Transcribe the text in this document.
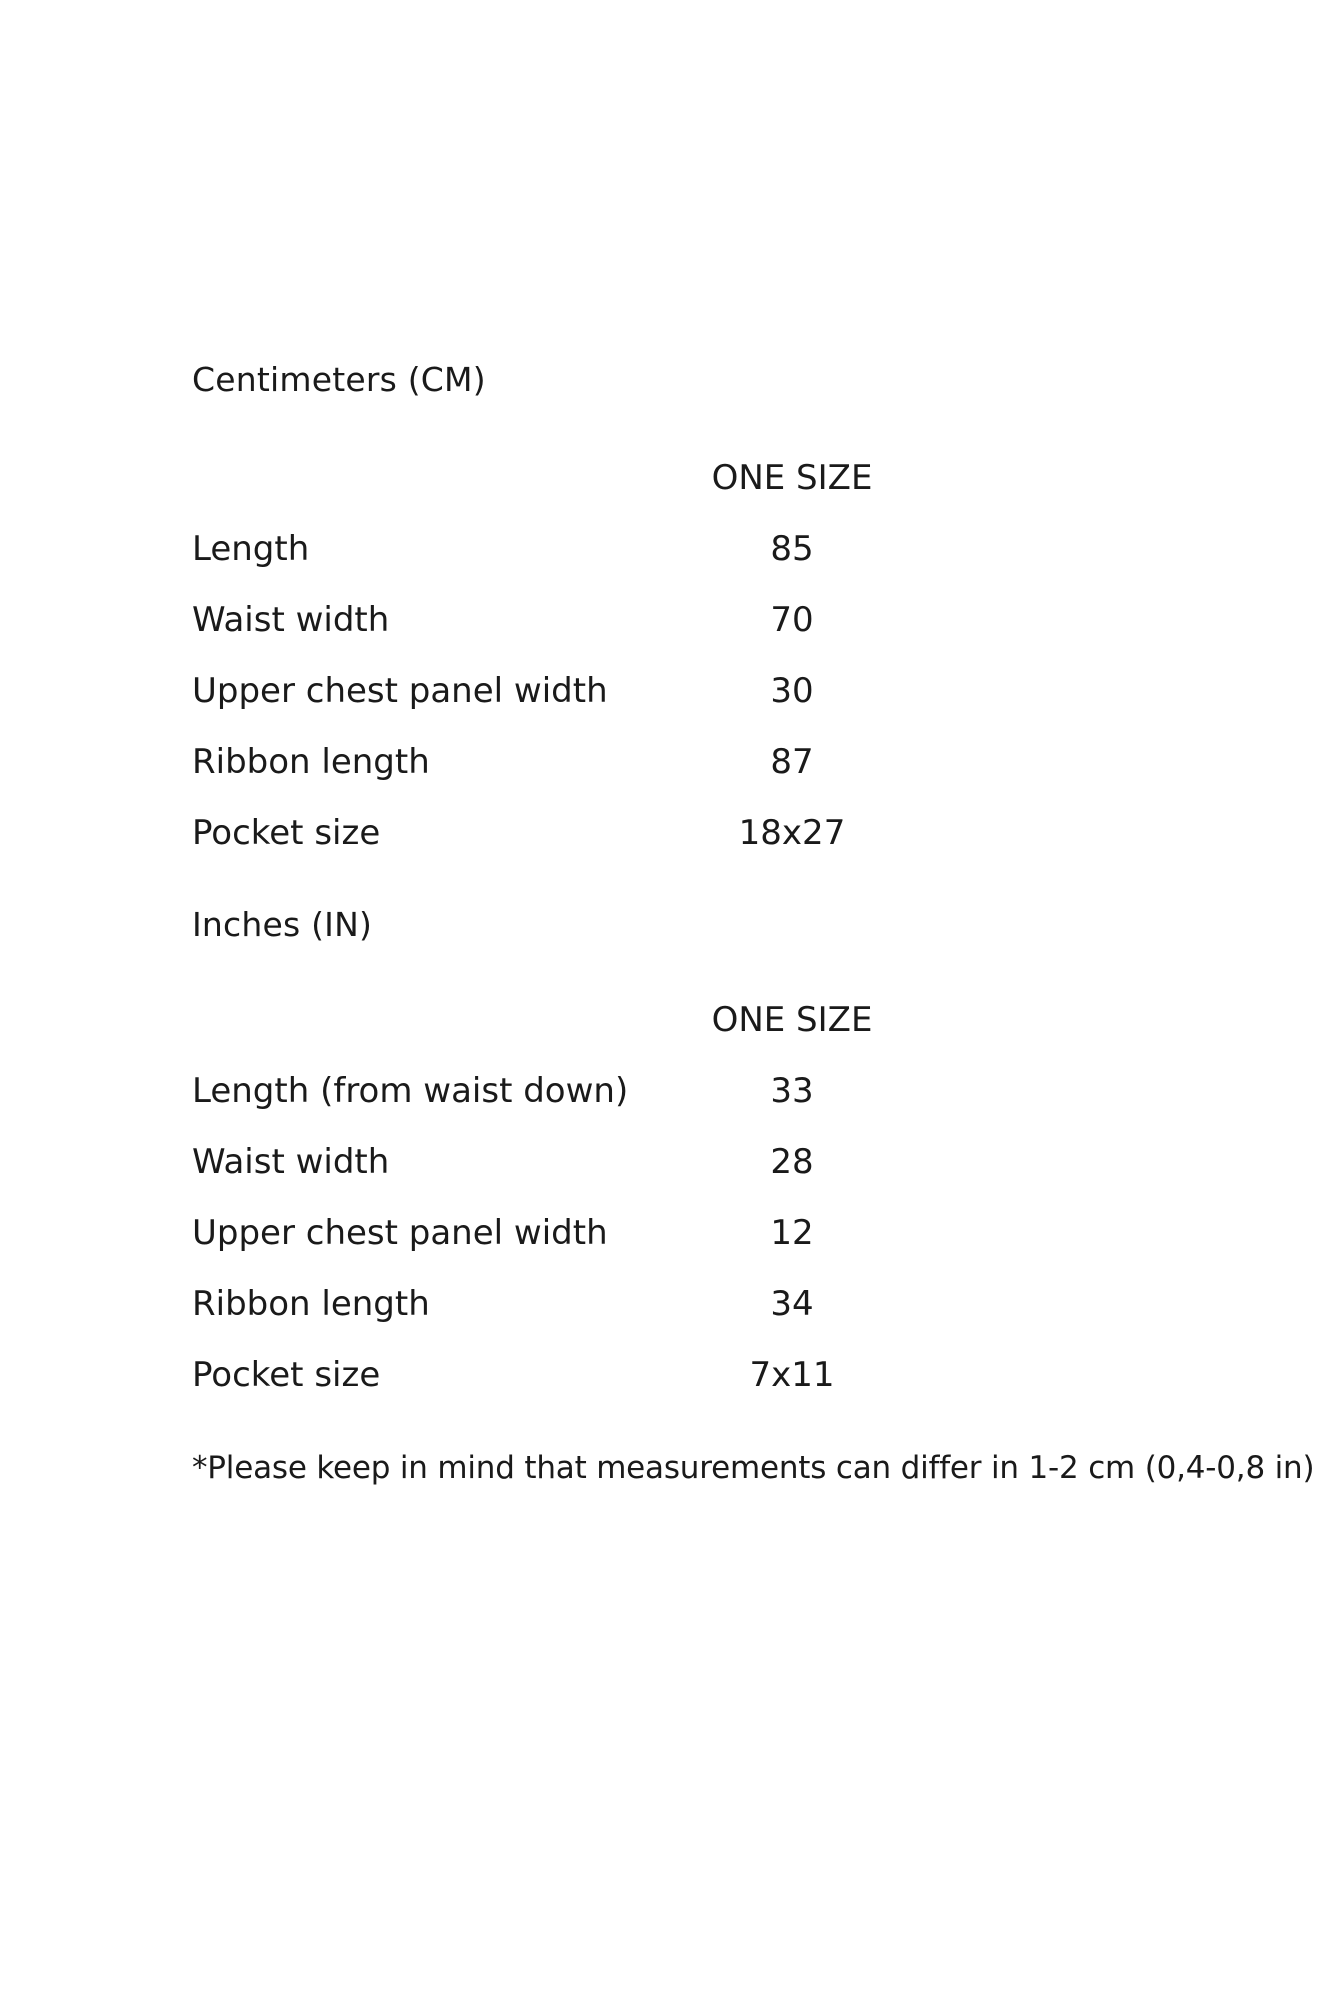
Centimeters (CM)
ONE SIZE
Length	85
Waist width	70
Upper chest panel width	30
Ribbon length	87
Pocket size	18x27
Inches (IN)
ONE SIZE
Length (from waist down)	33
Waist width	28
Upper chest panel width	12
Ribbon length	34
Pocket size	7x11
*Please keep in mind that measurements can differ in 1-2 cm (0,4-0,8 in)
